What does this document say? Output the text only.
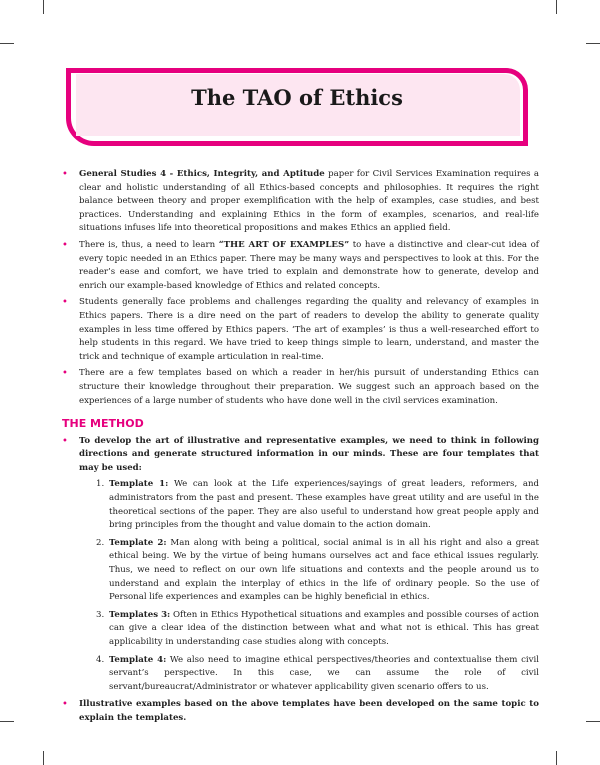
The TAO of Ethics
• General Studies 4 - Ethics, Integrity, and Aptitude paper for Civil Services Examination requires a clear and holistic understanding of all Ethics-based concepts and philosophies. It requires the right balance between theory and proper exemplification with the help of examples, case studies, and best practices. Understanding and explaining Ethics in the form of examples, scenarios, and real-life situations infuses life into theoretical propositions and makes Ethics an applied field.
• There is, thus, a need to learn “THE ART OF EXAMPLES” to have a distinctive and clear-cut idea of every topic needed in an Ethics paper. There may be many ways and perspectives to look at this. For the reader’s ease and comfort, we have tried to explain and demonstrate how to generate, develop and enrich our example-based knowledge of Ethics and related concepts.
• Students generally face problems and challenges regarding the quality and relevancy of examples in Ethics papers. There is a dire need on the part of readers to develop the ability to generate quality examples in less time offered by Ethics papers. ‘The art of examples’ is thus a well-researched effort to help students in this regard. We have tried to keep things simple to learn, understand, and master the trick and technique of example articulation in real-time.
• There are a few templates based on which a reader in her/his pursuit of understanding Ethics can structure their knowledge throughout their preparation. We suggest such an approach based on the experiences of a large number of students who have done well in the civil services examination.
THE METHOD
• To develop the art of illustrative and representative examples, we need to think in following directions and generate structured information in our minds. These are four templates that may be used:
1. Template 1: We can look at the Life experiences/sayings of great leaders, reformers, and administrators from the past and present. These examples have great utility and are useful in the theoretical sections of the paper. They are also useful to understand how great people apply and bring principles from the thought and value domain to the action domain.
2. Template 2: Man along with being a political, social animal is in all his right and also a great ethical being. We by the virtue of being humans ourselves act and face ethical issues regularly. Thus, we need to reflect on our own life situations and contexts and the people around us to understand and explain the interplay of ethics in the life of ordinary people. So the use of Personal life experiences and examples can be highly beneficial in ethics.
3. Templates 3: Often in Ethics Hypothetical situations and examples and possible courses of action can give a clear idea of the distinction between what and what not is ethical. This has great applicability in understanding case studies along with concepts.
4. Template 4: We also need to imagine ethical perspectives/theories and contextualise them civil servant’s perspective. In this case, we can assume the role of civil servant/bureaucrat/Administrator or whatever applicability given scenario offers to us.
• Illustrative examples based on the above templates have been developed on the same topic to explain the templates.
